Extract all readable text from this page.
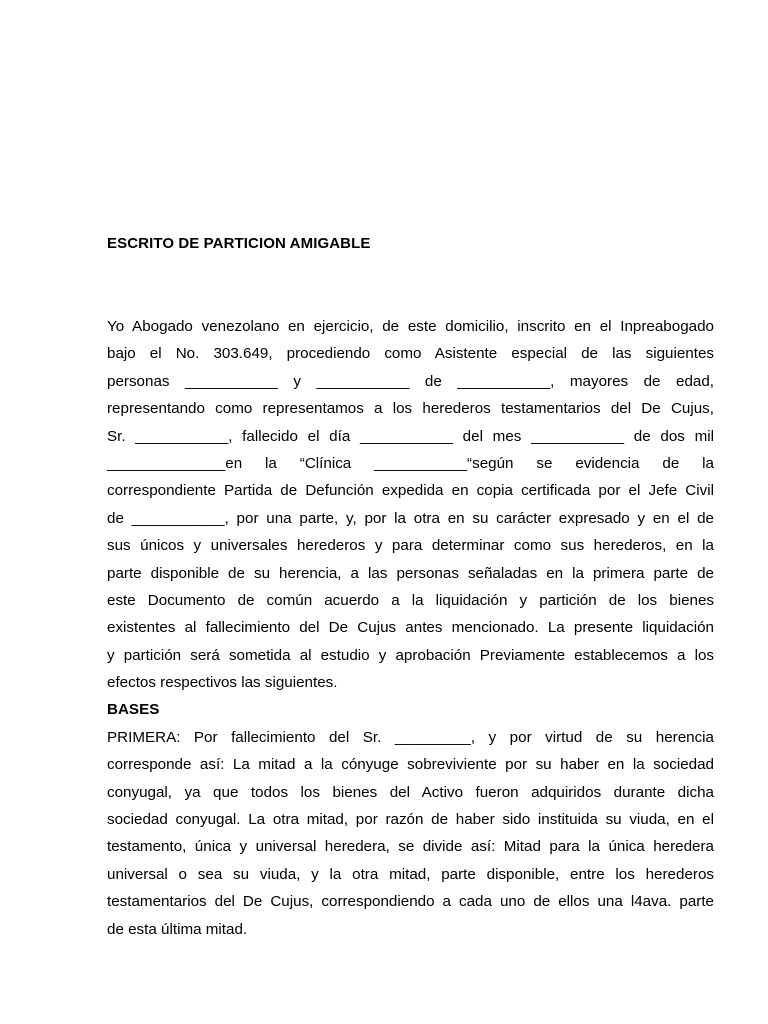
ESCRITO DE PARTICION AMIGABLE
Yo Abogado venezolano en ejercicio, de este domicilio, inscrito en el Inpreabogado
bajo el No. 303.649, procediendo como Asistente especial de las siguientes
personas ___________ y ___________ de ___________, mayores de edad,
representando como representamos a los herederos testamentarios del De Cujus,
Sr. ___________, fallecido el día ___________ del mes ___________ de dos mil
______________en la “Clínica ___________“según se evidencia de la
correspondiente Partida de Defunción expedida en copia certificada por el Jefe Civil
de ___________, por una parte, y, por la otra en su carácter expresado y en el de
sus únicos y universales herederos y para determinar como sus herederos, en la
parte disponible de su herencia, a las personas señaladas en la primera parte de
este Documento de común acuerdo a la liquidación y partición de los bienes
existentes al fallecimiento del De Cujus antes mencionado. La presente liquidación
y partición será sometida al estudio y aprobación Previamente establecemos a los
efectos respectivos las siguientes.
BASES
PRIMERA: Por fallecimiento del Sr. _________, y por virtud de su herencia
corresponde así: La mitad a la cónyuge sobreviviente por su haber en la sociedad
conyugal, ya que todos los bienes del Activo fueron adquiridos durante dicha
sociedad conyugal. La otra mitad, por razón de haber sido instituida su viuda, en el
testamento, única y universal heredera, se divide así: Mitad para la única heredera
universal o sea su viuda, y la otra mitad, parte disponible, entre los herederos
testamentarios del De Cujus, correspondiendo a cada uno de ellos una l4ava. parte
de esta última mitad.
